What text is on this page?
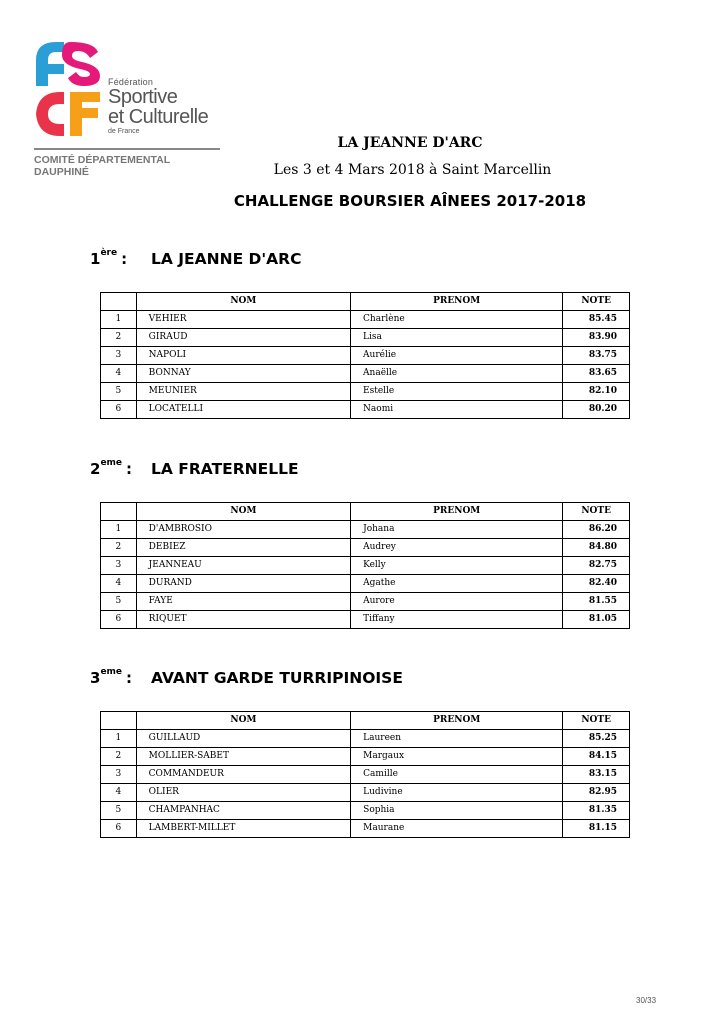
Fédération
Sportive
et Culturelle
de France
COMITÉ DÉPARTEMENTAL
DAUPHINÉ
LA JEANNE D'ARC
Les 3 et 4 Mars 2018 à Saint Marcellin
CHALLENGE BOURSIER AÎNEES 2017-2018
1ère :	LA JEANNE D'ARC
	NOM	PRENOM	NOTE
1	VEHIER	Charlène	85.45
2	GIRAUD	Lisa	83.90
3	NAPOLI	Aurélie	83.75
4	BONNAY	Anaëlle	83.65
5	MEUNIER	Estelle	82.10
6	LOCATELLI	Naomi	80.20
2eme :	LA FRATERNELLE
	NOM	PRENOM	NOTE
1	D'AMBROSIO	Johana	86.20
2	DEBIEZ	Audrey	84.80
3	JEANNEAU	Kelly	82.75
4	DURAND	Agathe	82.40
5	FAYE	Aurore	81.55
6	RIQUET	Tiffany	81.05
3eme :	AVANT GARDE TURRIPINOISE
	NOM	PRENOM	NOTE
1	GUILLAUD	Laureen	85.25
2	MOLLIER-SABET	Margaux	84.15
3	COMMANDEUR	Camille	83.15
4	OLIER	Ludivine	82.95
5	CHAMPANHAC	Sophia	81.35
6	LAMBERT-MILLET	Maurane	81.15
30/33
